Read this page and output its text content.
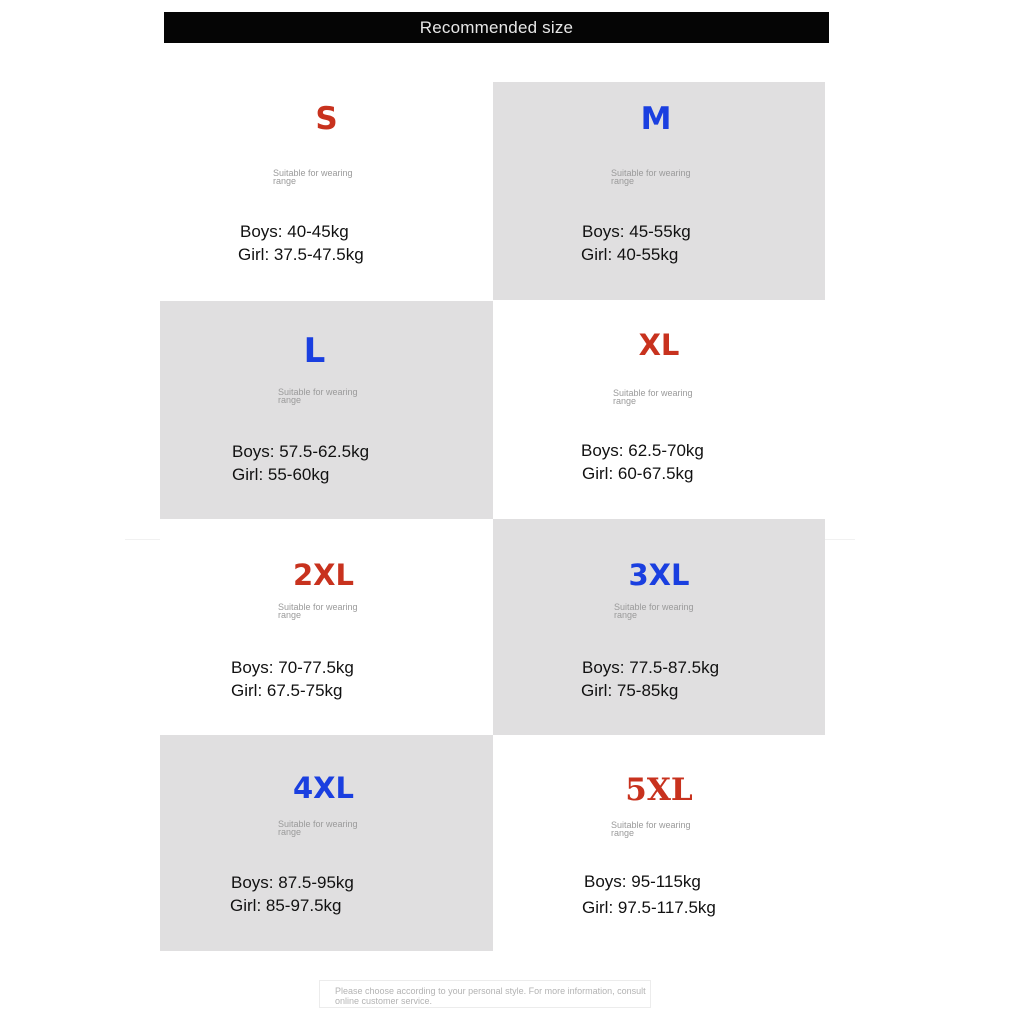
Recommended size
S
Suitable for wearing range
Boys: 40-45kg
Girl: 37.5-47.5kg
M
Suitable for wearing range
Boys: 45-55kg
Girl: 40-55kg
L
Suitable for wearing range
Boys: 57.5-62.5kg
Girl: 55-60kg
XL
Suitable for wearing range
Boys: 62.5-70kg
Girl: 60-67.5kg
2XL
Suitable for wearing range
Boys: 70-77.5kg
Girl: 67.5-75kg
3XL
Suitable for wearing range
Boys: 77.5-87.5kg
Girl: 75-85kg
4XL
Suitable for wearing range
Boys: 87.5-95kg
Girl: 85-97.5kg
5XL
Suitable for wearing range
Boys: 95-115kg
Girl: 97.5-117.5kg
Please choose according to your personal style. For more information, consult online customer service.
